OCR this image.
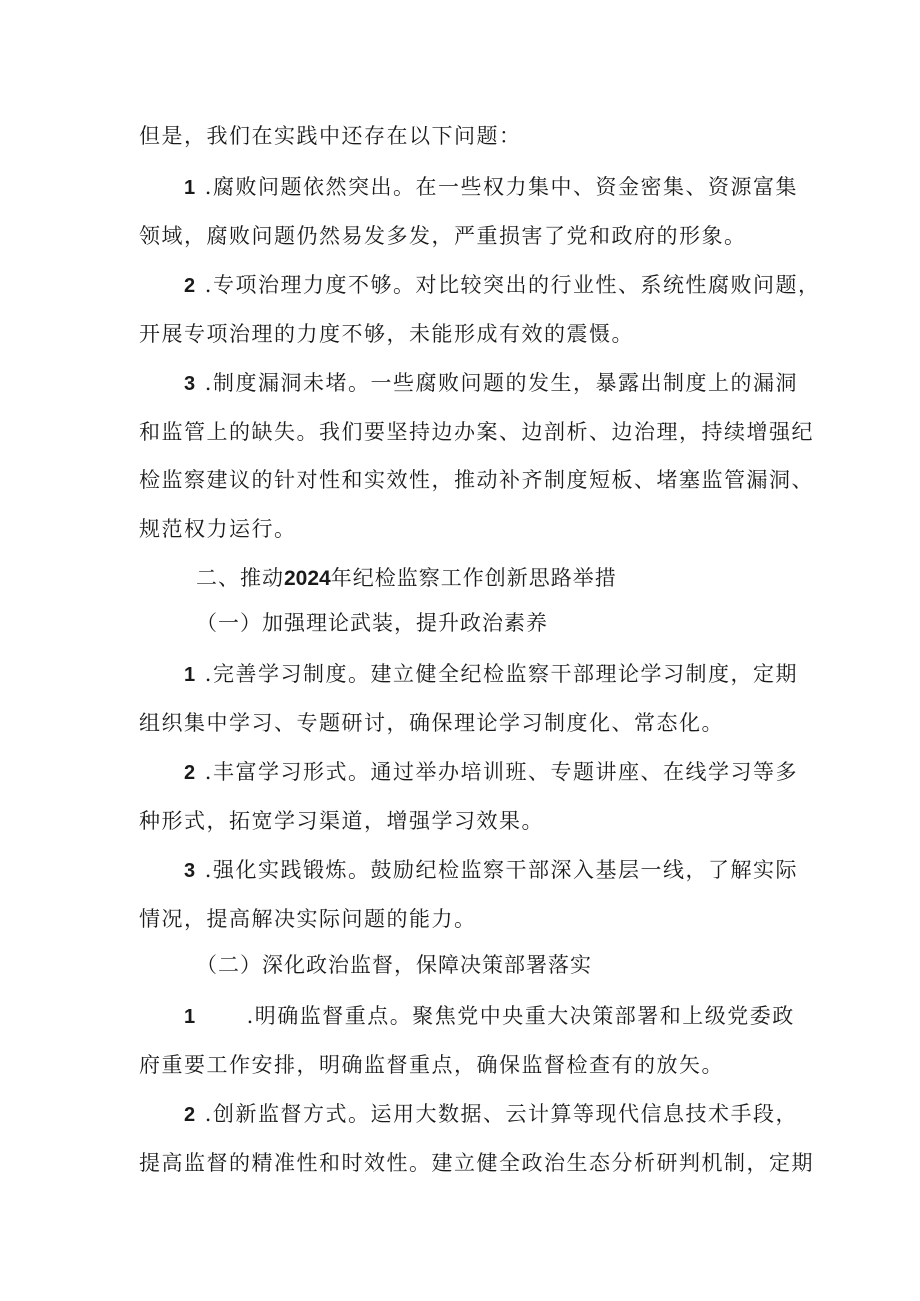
但是，我们在实践中还存在以下问题：

1 .腐败问题依然突出。在一些权力集中、资金密集、资源富集

领域，腐败问题仍然易发多发，严重损害了党和政府的形象。

2 .专项治理力度不够。对比较突出的行业性、系统性腐败问题，

开展专项治理的力度不够，未能形成有效的震慑。

3 .制度漏洞未堵。一些腐败问题的发生，暴露出制度上的漏洞

和监管上的缺失。我们要坚持边办案、边剖析、边治理，持续增强纪

检监察建议的针对性和实效性，推动补齐制度短板、堵塞监管漏洞、

规范权力运行。

二、推动2024年纪检监察工作创新思路举措

（一）加强理论武装，提升政治素养

1 .完善学习制度。建立健全纪检监察干部理论学习制度，定期

组织集中学习、专题研讨，确保理论学习制度化、常态化。

2 .丰富学习形式。通过举办培训班、专题讲座、在线学习等多

种形式，拓宽学习渠道，增强学习效果。

3 .强化实践锻炼。鼓励纪检监察干部深入基层一线，了解实际

情况，提高解决实际问题的能力。

（二）深化政治监督，保障决策部署落实

1 .明确监督重点。聚焦党中央重大决策部署和上级党委政

府重要工作安排，明确监督重点，确保监督检查有的放矢。

2 .创新监督方式。运用大数据、云计算等现代信息技术手段，

提高监督的精准性和时效性。建立健全政治生态分析研判机制，定期
